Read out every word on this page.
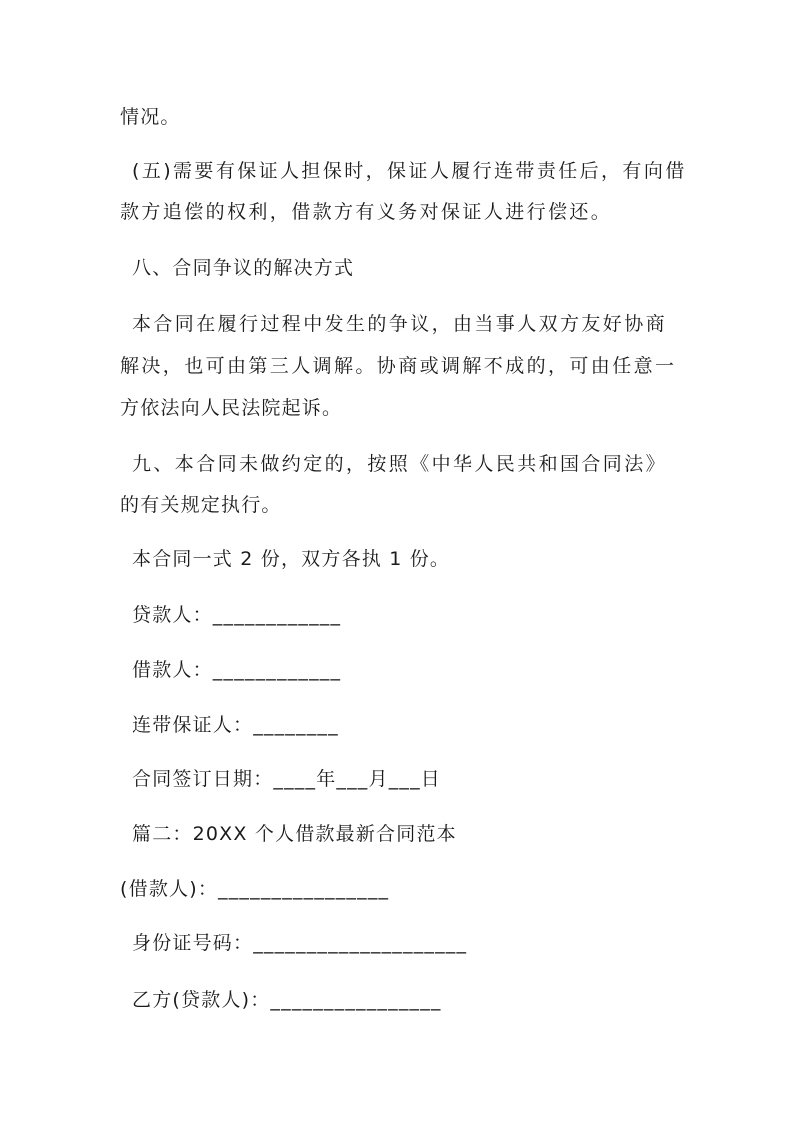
情况。
(五)需要有保证人担保时，保证人履行连带责任后，有向借
款方追偿的权利，借款方有义务对保证人进行偿还。
八、合同争议的解决方式
本合同在履行过程中发生的争议，由当事人双方友好协商
解决，也可由第三人调解。协商或调解不成的，可由任意一
方依法向人民法院起诉。
九、本合同未做约定的，按照《中华人民共和国合同法》
的有关规定执行。
本合同一式 2 份，双方各执 1 份。
贷款人：____________
借款人：____________
连带保证人：________
合同签订日期：____年___月___日
篇二：20XX 个人借款最新合同范本
(借款人)：________________
身份证号码：____________________
乙方(贷款人)：________________
